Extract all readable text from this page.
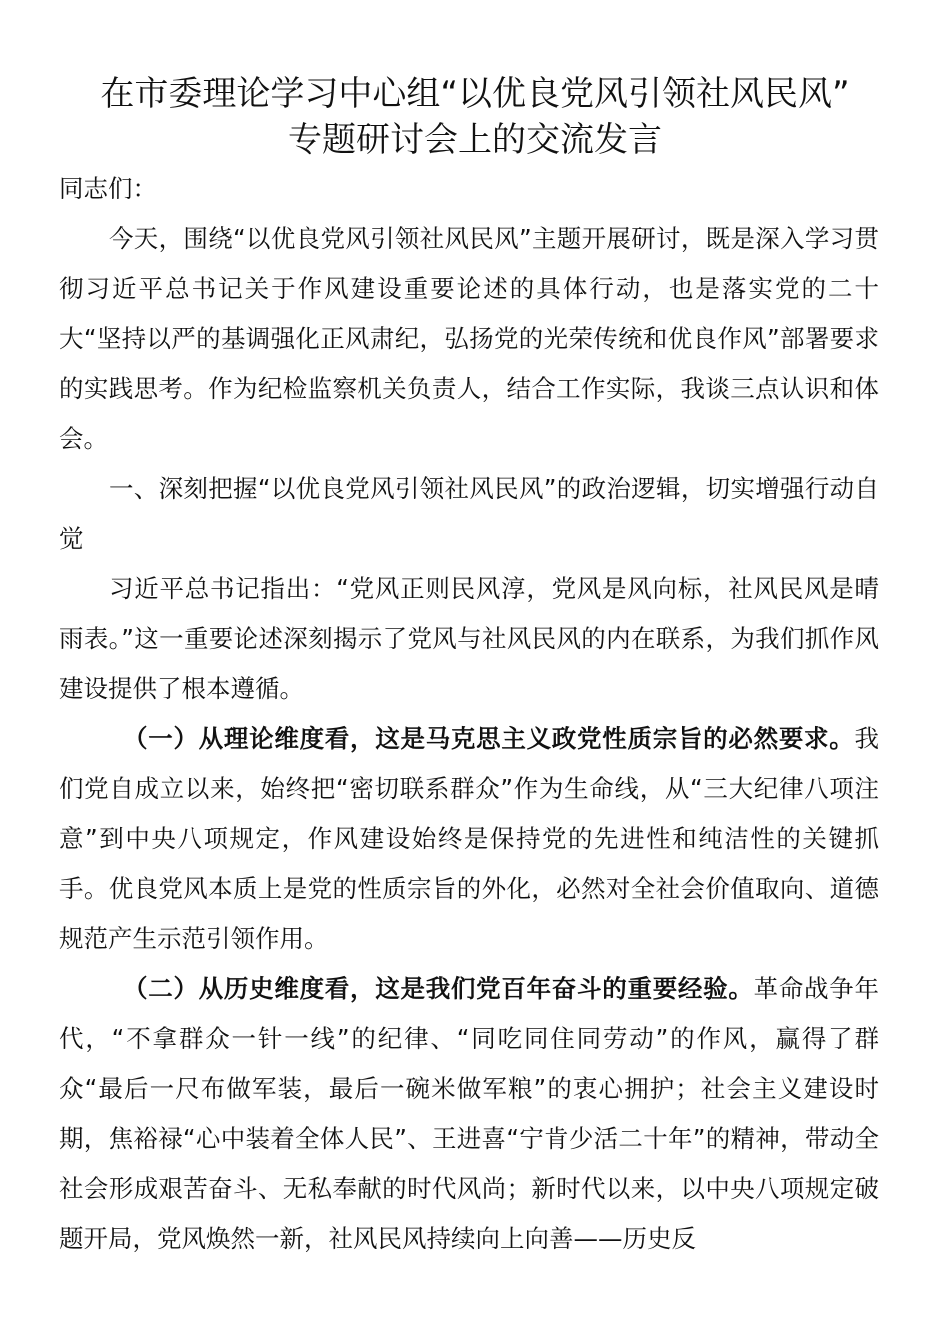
在市委理论学习中心组“以优良党风引领社风民风”
专题研讨会上的交流发言

同志们：

今天，围绕“以优良党风引领社风民风”主题开展研讨，既是深入学习贯彻习近平总书记关于作风建设重要论述的具体行动，也是落实党的二十大“坚持以严的基调强化正风肃纪，弘扬党的光荣传统和优良作风”部署要求的实践思考。作为纪检监察机关负责人，结合工作实际，我谈三点认识和体会。

一、深刻把握“以优良党风引领社风民风”的政治逻辑，切实增强行动自觉

习近平总书记指出：“党风正则民风淳，党风是风向标，社风民风是晴雨表。”这一重要论述深刻揭示了党风与社风民风的内在联系，为我们抓作风建设提供了根本遵循。

（一）从理论维度看，这是马克思主义政党性质宗旨的必然要求。我们党自成立以来，始终把“密切联系群众”作为生命线，从“三大纪律八项注意”到中央八项规定，作风建设始终是保持党的先进性和纯洁性的关键抓手。优良党风本质上是党的性质宗旨的外化，必然对全社会价值取向、道德规范产生示范引领作用。

（二）从历史维度看，这是我们党百年奋斗的重要经验。革命战争年代，“不拿群众一针一线”的纪律、“同吃同住同劳动”的作风，赢得了群众“最后一尺布做军装，最后一碗米做军粮”的衷心拥护；社会主义建设时期，焦裕禄“心中装着全体人民”、王进喜“宁肯少活二十年”的精神，带动全社会形成艰苦奋斗、无私奉献的时代风尚；新时代以来，以中央八项规定破题开局，党风焕然一新，社风民风持续向上向善——历史反
